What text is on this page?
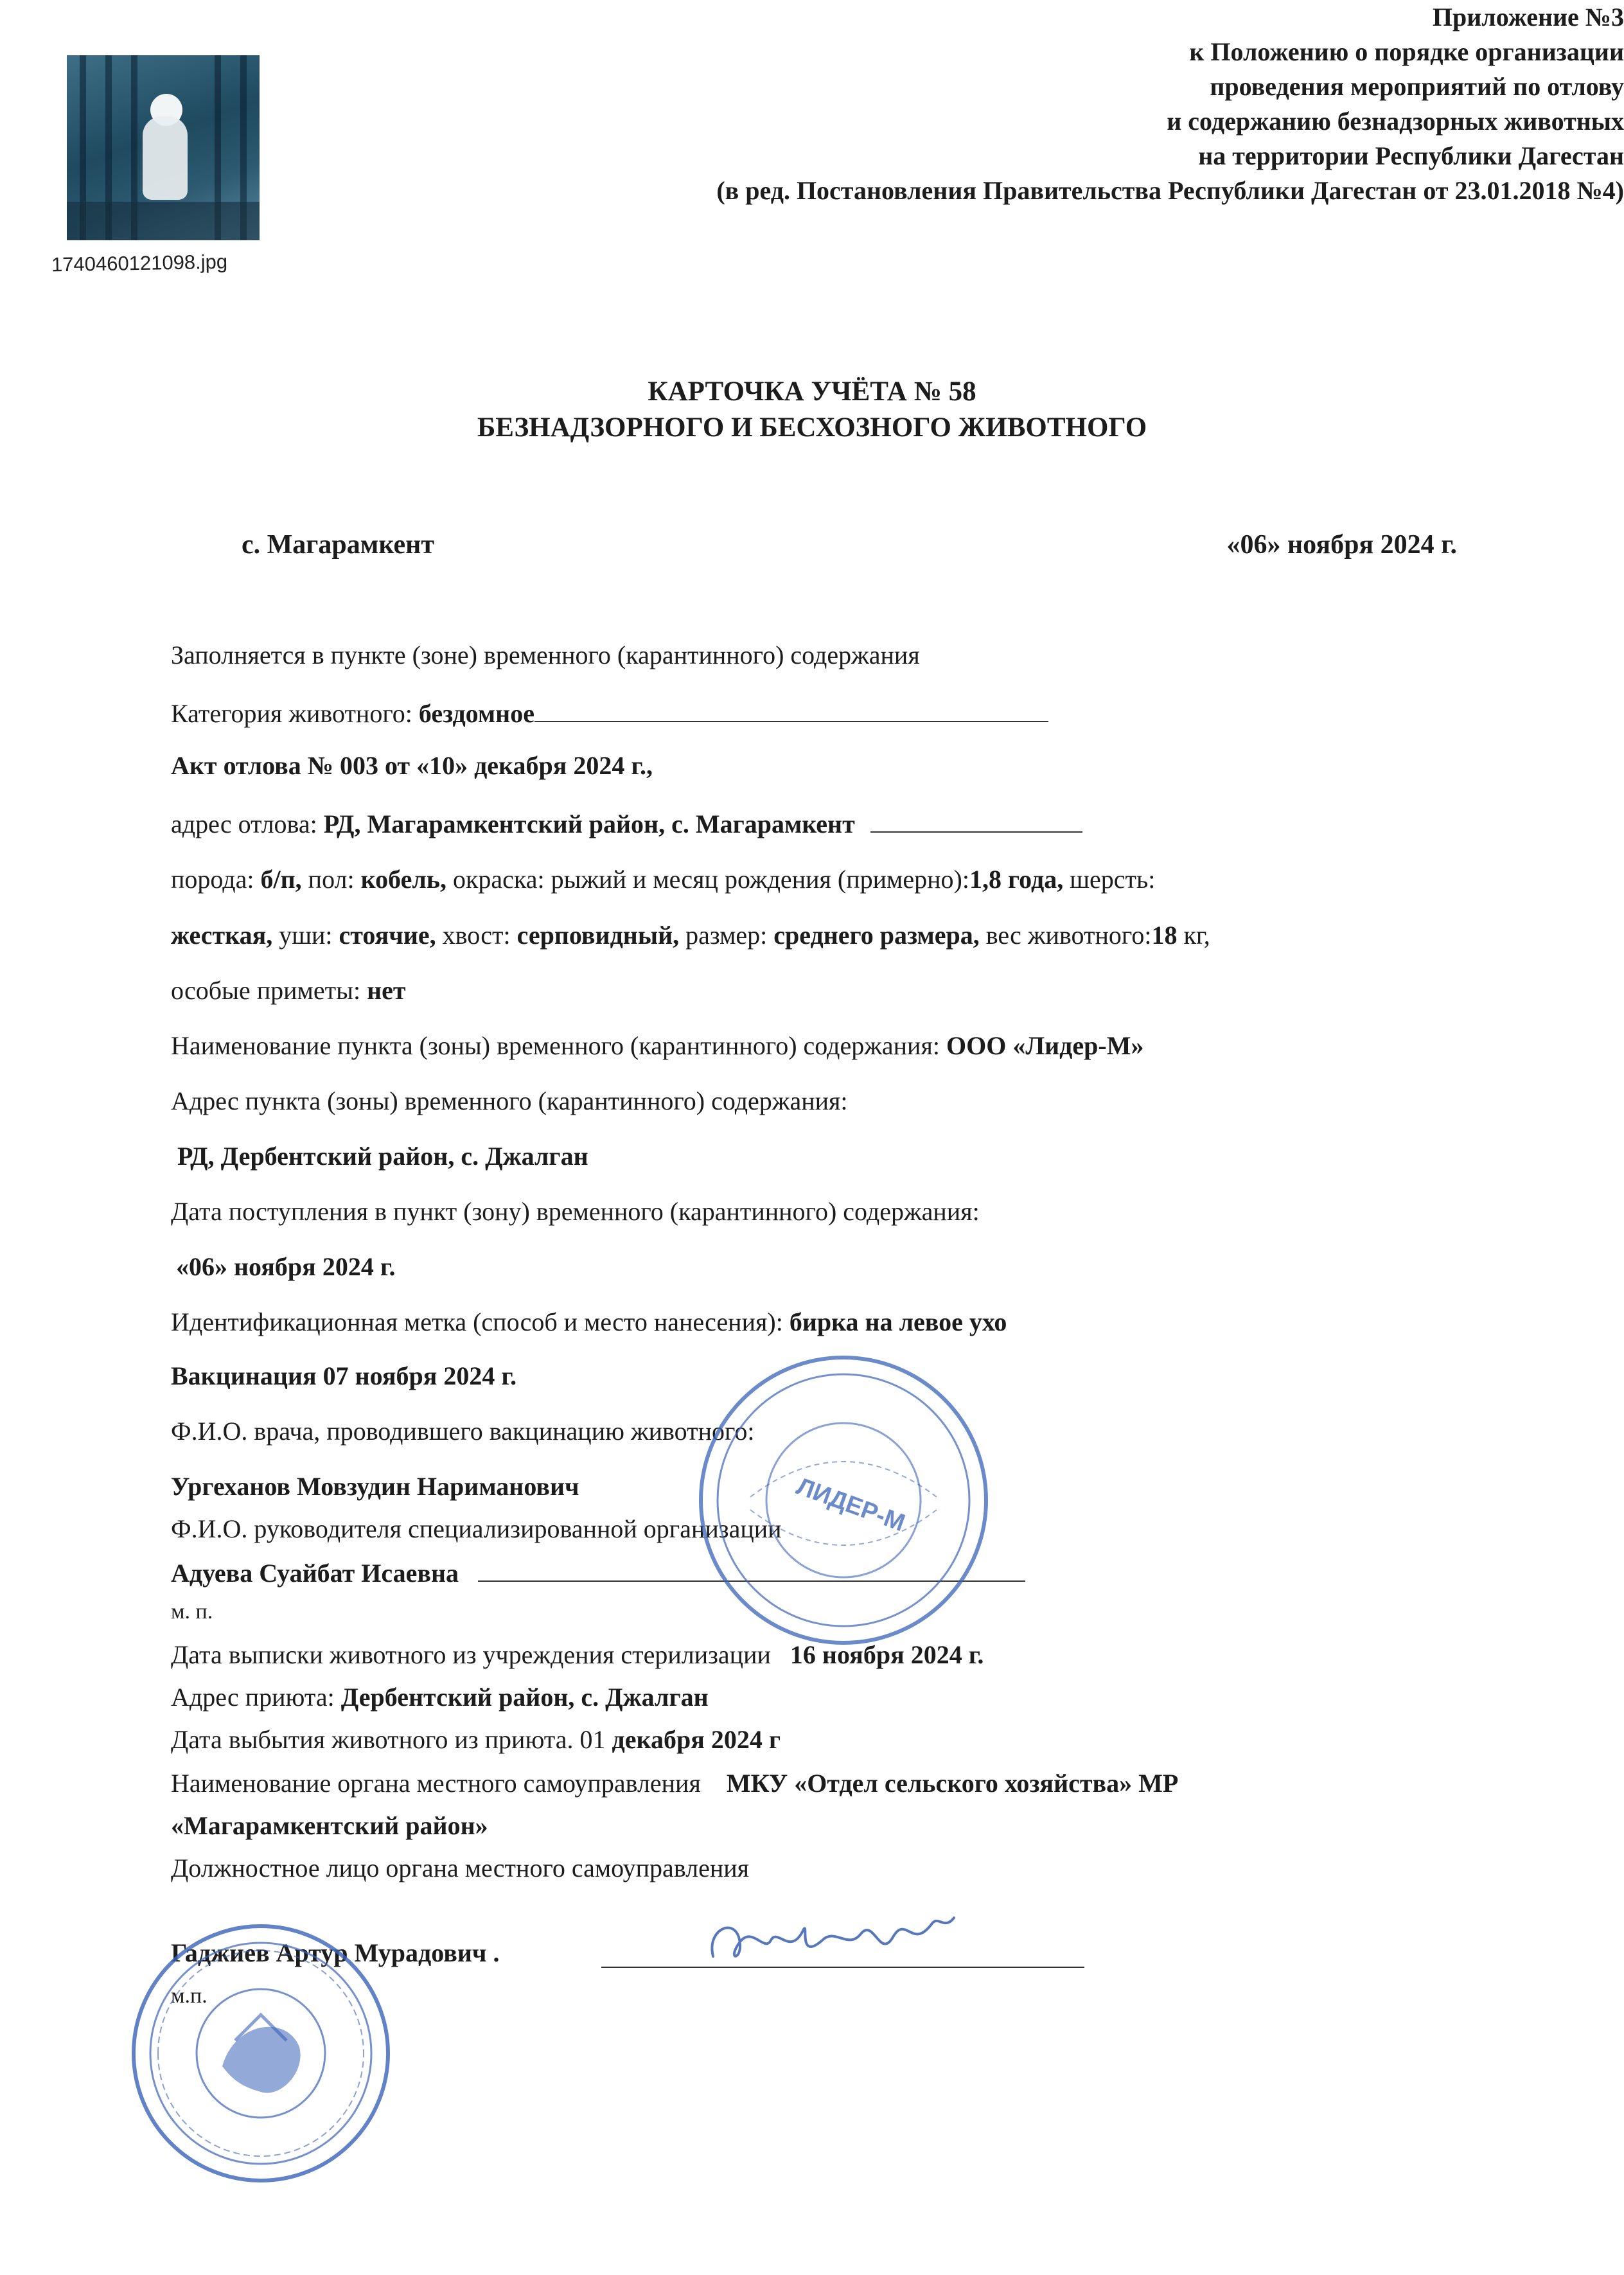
1740460121098.jpg
Приложение №3
к Положению о порядке организации
проведения мероприятий по отлову
и содержанию безнадзорных животных
на территории Республики Дагестан
(в ред. Постановления Правительства Республики Дагестан от 23.01.2018 №4)
КАРТОЧКА УЧЁТА № 58
БЕЗНАДЗОРНОГО И БЕСХОЗНОГО ЖИВОТНОГО
с. Магарамкент	«06» ноября 2024 г.
Заполняется в пункте (зоне) временного (карантинного) содержания
Категория животного: бездомное
Акт отлова № 003 от «10» декабря 2024 г.,
адрес отлова: РД, Магарамкентский район, с. Магарамкент
порода: б/п, пол: кобель, окраска: рыжий и месяц рождения (примерно):1,8 года, шерсть:
жесткая, уши: стоячие, хвост: серповидный, размер: среднего размера, вес животного:18 кг,
особые приметы: нет
Наименование пункта (зоны) временного (карантинного) содержания: ООО «Лидер-М»
Адрес пункта (зоны) временного (карантинного) содержания:
РД, Дербентский район, с. Джалган
Дата поступления в пункт (зону) временного (карантинного) содержания:
«06» ноября 2024 г.
Идентификационная метка (способ и место нанесения): бирка на левое ухо
Вакцинация 07 ноября 2024 г.
Ф.И.О. врача, проводившего вакцинацию животного:
Ургеханов Мовзудин Нариманович
Ф.И.О. руководителя специализированной организации
Адуева Суайбат Исаевна
м. п.
Дата выписки животного из учреждения стерилизации 16 ноября 2024 г.
Адрес приюта: Дербентский район, с. Джалган
Дата выбытия животного из приюта. 01 декабря 2024 г
Наименование органа местного самоуправления МКУ «Отдел сельского хозяйства» МР
«Магарамкентский район»
Должностное лицо органа местного самоуправления
Гаджиев Артур Мурадович .
м.п.
ЛИДЕР-М
